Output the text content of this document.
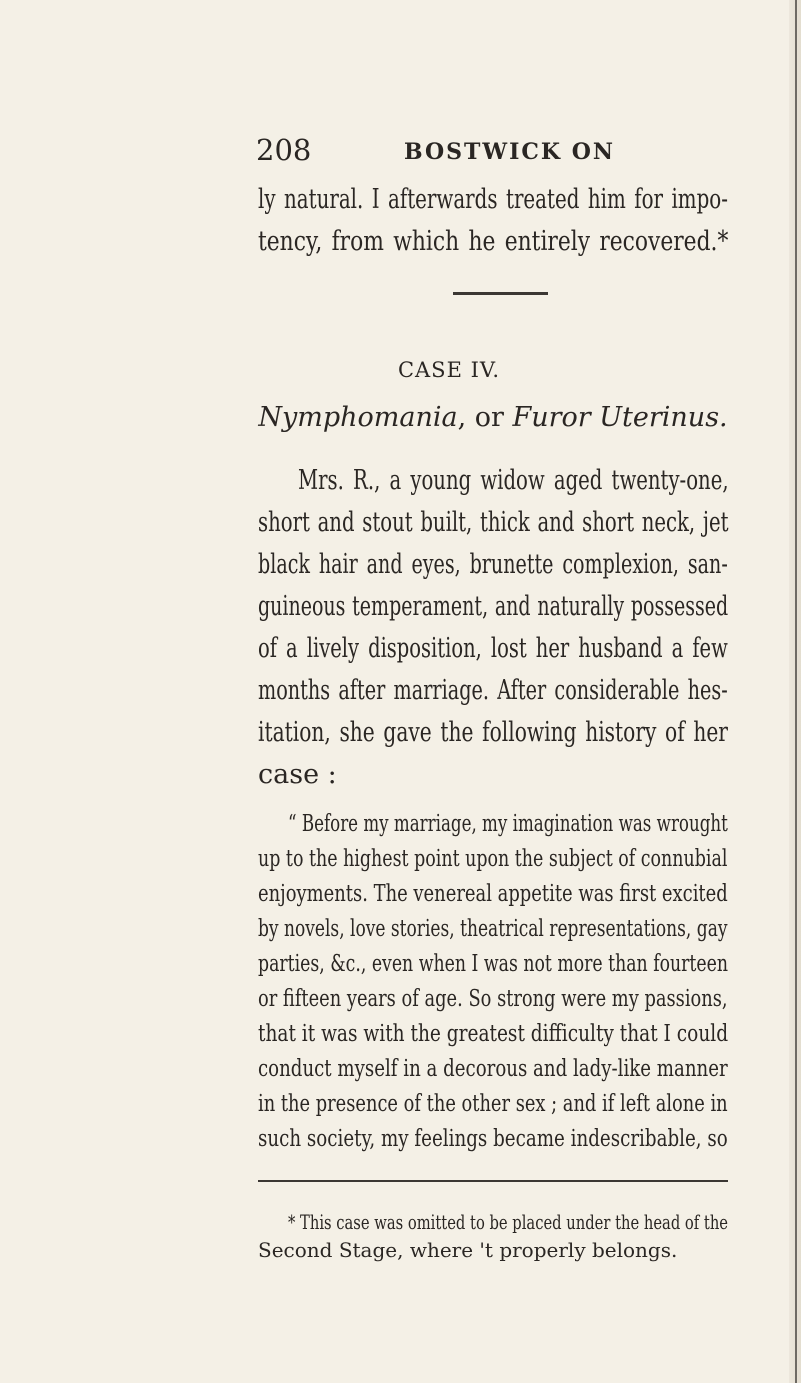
208	BOSTWICK ON
ly natural. I afterwards treated him for impo-
tency, from which he entirely recovered.*
CASE IV.
Nymphomania, or Furor Uterinus.
Mrs. R., a young widow aged twenty-one,
short and stout built, thick and short neck, jet
black hair and eyes, brunette complexion, san-
guineous temperament, and naturally possessed
of a lively disposition, lost her husband a few
months after marriage. After considerable hes-
itation, she gave the following history of her
case :
“ Before my marriage, my imagination was wrought
up to the highest point upon the subject of connubial
enjoyments. The venereal appetite was first excited
by novels, love stories, theatrical representations, gay
parties, &c., even when I was not more than fourteen
or fifteen years of age. So strong were my passions,
that it was with the greatest difficulty that I could
conduct myself in a decorous and lady-like manner
in the presence of the other sex ; and if left alone in
such society, my feelings became indescribable, so
* This case was omitted to be placed under the head of the
Second Stage, where 't properly belongs.
